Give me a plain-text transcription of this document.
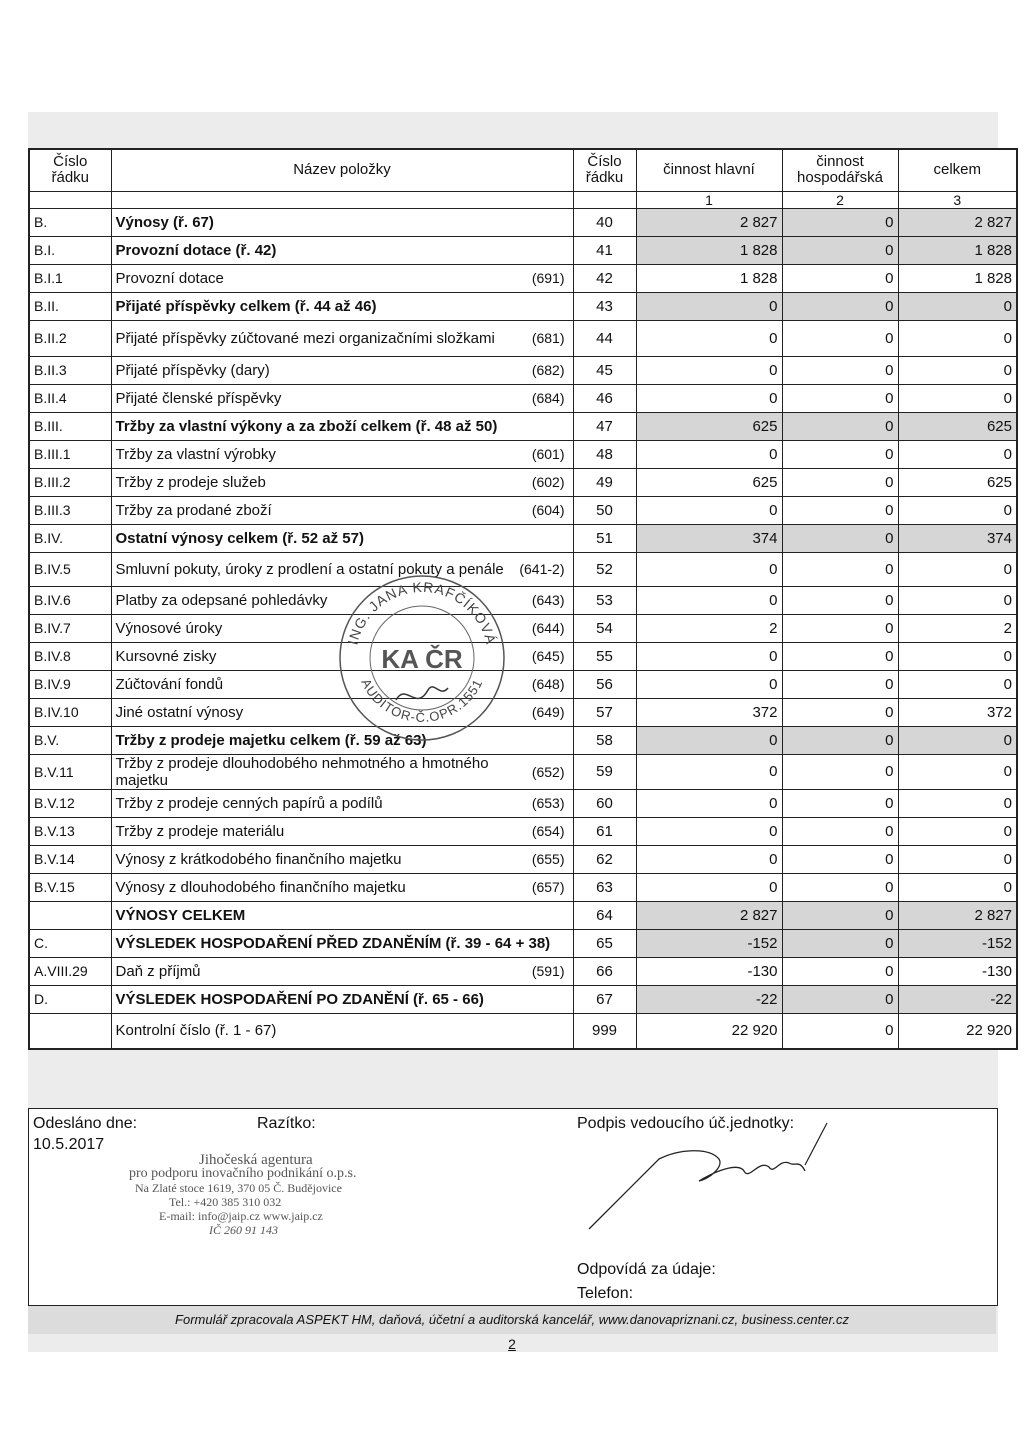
Číslo řádku	Název položky	Číslo řádku	činnost hlavní	činnost hospodářská	celkem
			1	2	3
B.	Výnosy (ř. 67)	40	2 827	0	2 827
B.I.	Provozní dotace (ř. 42)	41	1 828	0	1 828
B.I.1	Provozní dotace (691)	42	1 828	0	1 828
B.II.	Přijaté příspěvky celkem (ř. 44 až 46)	43	0	0	0
B.II.2	Přijaté příspěvky zúčtované mezi organizačními složkami (681)	44	0	0	0
B.II.3	Přijaté příspěvky (dary) (682)	45	0	0	0
B.II.4	Přijaté členské příspěvky (684)	46	0	0	0
B.III.	Tržby za vlastní výkony a za zboží celkem (ř. 48 až 50)	47	625	0	625
B.III.1	Tržby za vlastní výrobky (601)	48	0	0	0
B.III.2	Tržby z prodeje služeb (602)	49	625	0	625
B.III.3	Tržby za prodané zboží (604)	50	0	0	0
B.IV.	Ostatní výnosy celkem (ř. 52 až 57)	51	374	0	374
B.IV.5	Smluvní pokuty, úroky z prodlení a ostatní pokuty a penále (641-2)	52	0	0	0
B.IV.6	Platby za odepsané pohledávky (643)	53	0	0	0
B.IV.7	Výnosové úroky (644)	54	2	0	2
B.IV.8	Kursovné zisky (645)	55	0	0	0
B.IV.9	Zúčtování fondů (648)	56	0	0	0
B.IV.10	Jiné ostatní výnosy (649)	57	372	0	372
B.V.	Tržby z prodeje majetku celkem (ř. 59 až 63)	58	0	0	0
B.V.11	Tržby z prodeje dlouhodobého nehmotného a hmotného majetku (652)	59	0	0	0
B.V.12	Tržby z prodeje cenných papírů a podílů (653)	60	0	0	0
B.V.13	Tržby z prodeje materiálu (654)	61	0	0	0
B.V.14	Výnosy z krátkodobého finančního majetku (655)	62	0	0	0
B.V.15	Výnosy z dlouhodobého finančního majetku (657)	63	0	0	0
	VÝNOSY CELKEM	64	2 827	0	2 827
C.	VÝSLEDEK HOSPODAŘENÍ PŘED ZDANĚNÍM (ř. 39 - 64 + 38)	65	-152	0	-152
A.VIII.29	Daň z příjmů (591)	66	-130	0	-130
D.	VÝSLEDEK HOSPODAŘENÍ PO ZDANĚNÍ (ř. 65 - 66)	67	-22	0	-22
	Kontrolní číslo (ř. 1 - 67)	999	22 920	0	22 920
ING. JANA KRAFČÍKOVÁ
AUDITOR-Č.OPR.1551
KA ČR
Odesláno dne:
10.5.2017
Razítko:	Podpis vedoucího úč.jednotky:
Jihočeská agentura
pro podporu inovačního podnikání o.p.s.
Na Zlaté stoce 1619, 370 05 Č. Budějovice
Tel.: +420 385 310 032
E-mail: info@jaip.cz www.jaip.cz
IČ 260 91 143
Odpovídá za údaje:
Telefon:
Formulář zpracovala ASPEKT HM, daňová, účetní a auditorská kancelář, www.danovapriznani.cz, business.center.cz
2
